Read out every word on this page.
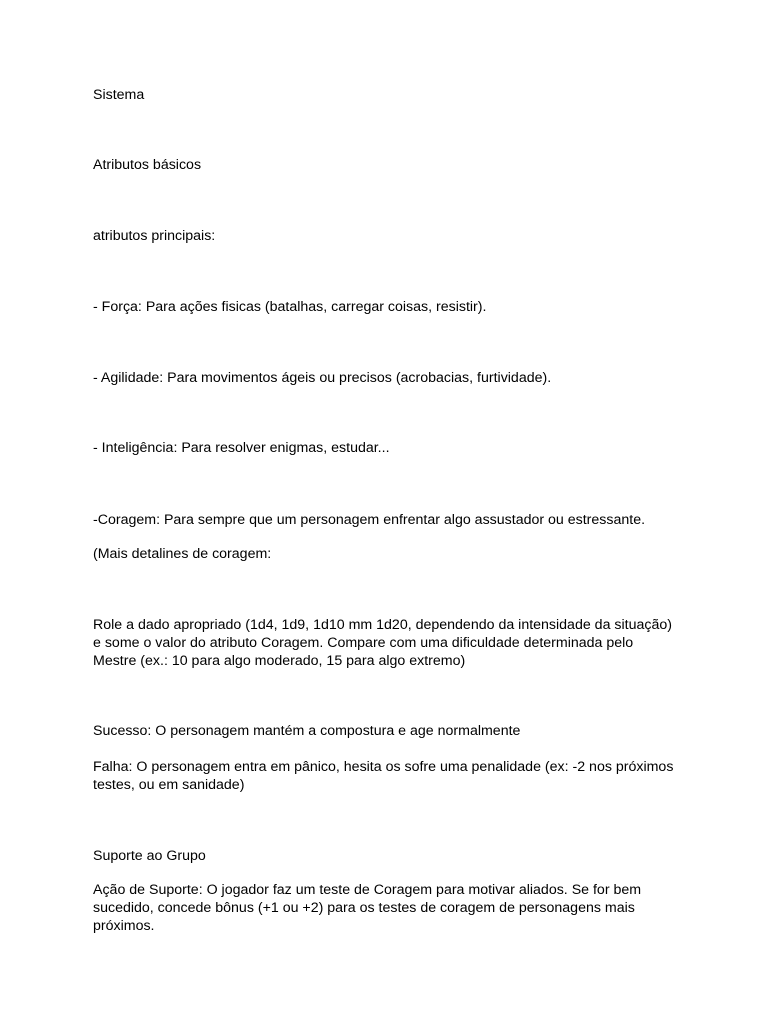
Sistema

Atributos básicos

atributos principais:

- Força: Para ações fisicas (batalhas, carregar coisas, resistir).

- Agilidade: Para movimentos ágeis ou precisos (acrobacias, furtividade).

- Inteligência: Para resolver enigmas, estudar...

-Coragem: Para sempre que um personagem enfrentar algo assustador ou estressante.

(Mais detalines de coragem:

Role a dado apropriado (1d4, 1d9, 1d10 mm 1d20, dependendo da intensidade da situação)
e some o valor do atributo Coragem. Compare com uma dificuldade determinada pelo
Mestre (ex.: 10 para algo moderado, 15 para algo extremo)

Sucesso: O personagem mantém a compostura e age normalmente

Falha: O personagem entra em pânico, hesita os sofre uma penalidade (ex: -2 nos próximos
testes, ou em sanidade)

Suporte ao Grupo

Ação de Suporte: O jogador faz um teste de Coragem para motivar aliados. Se for bem
sucedido, concede bônus (+1 ou +2) para os testes de coragem de personagens mais
próximos.
